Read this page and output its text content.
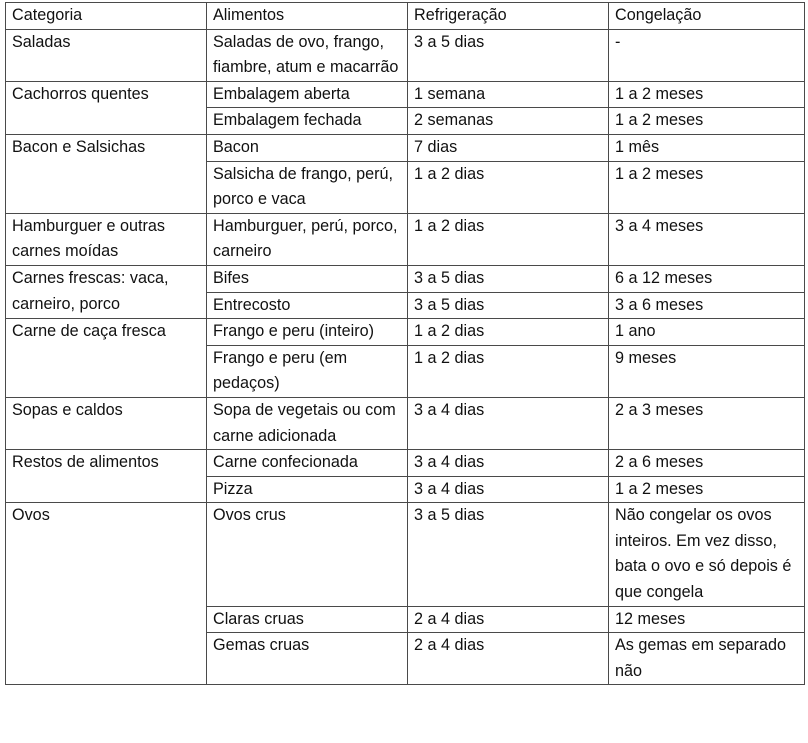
Categoria	Alimentos	Refrigeração	Congelação
Saladas	Saladas de ovo, frango, fiambre, atum e macarrão	3 a 5 dias	-
Cachorros quentes	Embalagem aberta	1 semana	1 a 2 meses
	Embalagem fechada	2 semanas	1 a 2 meses
Bacon e Salsichas	Bacon	7 dias	1 mês
	Salsicha de frango, perú, porco e vaca	1 a 2 dias	1 a 2 meses
Hamburguer e outras carnes moídas	Hamburguer, perú, porco, carneiro	1 a 2 dias	3 a 4 meses
Carnes frescas: vaca, carneiro, porco	Bifes	3 a 5 dias	6 a 12 meses
	Entrecosto	3 a 5 dias	3 a 6 meses
Carne de caça fresca	Frango e peru (inteiro)	1 a 2 dias	1 ano
	Frango e peru (em pedaços)	1 a 2 dias	9 meses
Sopas e caldos	Sopa de vegetais ou com carne adicionada	3 a 4 dias	2 a 3 meses
Restos de alimentos	Carne confecionada	3 a 4 dias	2 a 6 meses
	Pizza	3 a 4 dias	1 a 2 meses
Ovos	Ovos crus	3 a 5 dias	Não congelar os ovos inteiros. Em vez disso, bata o ovo e só depois é que congela
	Claras cruas	2 a 4 dias	12 meses
	Gemas cruas	2 a 4 dias	As gemas em separado não
